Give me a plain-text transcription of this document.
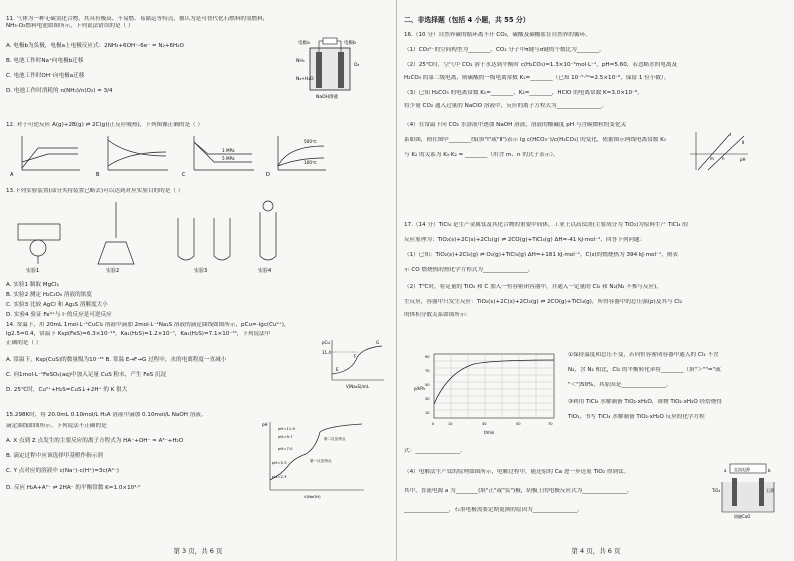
11. 气体为一种无碳氢化合物，其具有极高、不易燃、易储运等特点，被认为是可替代化石燃料的氢燃料，
NH₃-O₂燃料电池如图所示，下列说法错误的是（ ）
A. 电极b为负极，电极a上电极反应式：2NH₃+6OH⁻-6e⁻ = N₂+6H₂O
B. 电池工作时Na⁺向电极b迁移
C. 电池工作时OH⁻向电极a迁移
D. 电池工作时消耗的 n(NH₃)/n(O₂) = 3/4
电极a	电极b
NH₃
N₂+H₂O
O₂
NaOH溶液
12. 对于可逆反应 A(g)+2B(g) ⇌ 2C(g)(正反应吸热)，下列图像正确的是（ ）
A	B
1 MPa
5 MPa
C
500℃
100℃
D
13.下列实验装置(部分夹持装置已略去)可以达到对应实验目的的是（ ）
实验1	实验2	实验3	实验4
A. 实验1 制取 MgCl₂
B. 实验2 测定 H₂C₂O₄ 溶液的浓度
C. 实验3 比较 AgCl 和 Ag₂S 溶解度大小
D. 实验4 验证 Fe³⁺与 I⁻的反应是可逆反应
14. 常温下，用 20mL 1mol·L⁻¹CuCl₂ 溶液中滴加 2mol·L⁻¹Na₂S 溶液的滴定曲线如图所示，pCu=-lgc(Cu²⁺)，
lg2.5=0.4，常温下 Ksp(FeS)=6.3×10⁻¹⁸，Ka₁(H₂S)=1.2×10⁻⁷，Ka₂(H₂S)=7.1×10⁻¹⁵，下列说法中
正确的是（ ）
A. 常温下，Ksp(CuS)的数量级为10⁻³⁵ B. 常温 E→F→G 过程中，水的电离程度一直减小
C. 向1mol·L⁻¹FeSO₄(aq)中加入足量 CuS 粉末，产生 FeS 沉淀
D. 25℃时，Cu²⁺+H₂S=CuS↓+2H⁺ 的 K 很大
pCu
V(Na₂S)/mL
E
F
G
11.4
15.298K时，将 20.0mL 0.10mol/L H₂A 溶液中滴加 0.10mol/L NaOH 溶液。
滴定曲线如图所示。下列说法不正确的是
A. X 点到 Z 点发生的主要反应的离子方程式为 HA⁻+OH⁻ = A²⁻+H₂O
B. 滴定过程中应该选择甲基橙作指示剂
C. Y 点对应的溶液中 c(Na⁺)-c(H⁺)=3c(A²⁻)
D. 反应 H₂A+A²⁻ ⇌ 2HA⁻ 的平衡常数 K=1.0×10⁴·⁵
pH
pH=11.9
pH=9.7
pH=7.0
pH=5.3
pH=2.3
V(NaOH)
第二反应终点
第一反应终点
第 3 页，共 6 页
二、非选择题（包括 4 小题，共 55 分）
16.（10 分）自然界碳的循环离不开 CO₂，碳酸及碳酸盐在自然界的循环。
（1）CO₃²⁻的空间构型为________，CO₂ 分子中π键与σ键的个数比为________。
（2）25℃时，空气中 CO₂ 溶于水达到平衡时 c(H₂CO₃)=1.3×10⁻⁵mol·L⁻¹，pH=5.60，若忽略水的电离及
H₂CO₃ 的第二级电离，则碳酸的一级电离常数 K₁=________（已知 10⁻⁵·⁶⁰=2.5×10⁻⁶，保留 1 位小数）。
（3）已知 H₂CO₃ 的电离常数 K₁=________，K₂=________，HClO 的电离常数 K=3.0×10⁻⁸。
将少量 CO₂ 通入过量的 NaClO 溶液中，反应的离子方程式为________________。
（4）在常温下向 CO₂ 水溶液中逐加 NaOH 溶液，溶液的酸碱度 pH 与含碳微粒的变化关
系如图，则在图中________线(填"Ⅰ"或"Ⅱ")表示 lg c(HCO₃⁻)/c(H₂CO₃) 的变化，依据图示两线电离常数 K₁
与 K₂ 的关系为 K₁·K₂ = ________（用含 m、n 的式子表示）。
Ⅰ
Ⅱ
pH
m n
17.（14 分）TiCl₄ 是生产金属钛及其化合物的重要中间体，工业上以高钛渣(主要成分为 TiO₂)为原料生产 TiCl₄ 的
反应原理为：TiO₂(s)+2C(s)+2Cl₂(g) ⇌ 2CO(g)+TiCl₄(g) ΔH=-41 kJ·mol⁻¹，回答下列问题：
（1）已知：TiO₂(s)+2Cl₂(g) ⇌ O₂(g)+TiCl₄(g) ΔH=+181 kJ·mol⁻¹，C(s)的燃烧热为 394 kJ·mol⁻¹，则表
示 CO 燃烧热的热化学方程式为________________。
（2）T℃时，将足量的 TiO₂ 和 C 加入一恒容密闭容器中，并通入一定量的 Cl₂ 和 N₂(N₂ 不参与反应)，
生反应，容器中只发生反应：TiO₂(s)+2C(s)+2Cl₂(g) ⇌ 2CO(g)+TiCl₄(g)，所得容器中的总压强(p)及其与 Cl₂
的体积分数关系如图所示：
p/kPa
t/min
90
70
50
30
10
0	10	30	50	70
①保持温度和总压不变，若向恒容密闭容器中通入的 Cl₂ 不含
N₂，含 N₂ 相比，Cl₂ 的平衡转化率将________（填"＞""="或
"＜")50%，其原因是________________。
③利用 TiCl₄ 水解制备 TiO₂·xH₂O，该物 TiO₂·xH₂O 经焙烧得
TiO₂，书写 TiCl₄ 水解制备 TiO₂·xH₂O 反应的化学方程
式：________________。
（4）电解法生产钛的原理如图所示，电解过程中，能还原的 Ca 进一步还原 TiO₂ 得到钛。
其中，直流电源 a 为________(填"正"或"负")极，阴极上的电极反应式为________________，
________________，石墨电极需要定期更换的原因为________________。
直流电源
a	b
TiO₂	石墨
熔融CaO
第 4 页，共 6 页
